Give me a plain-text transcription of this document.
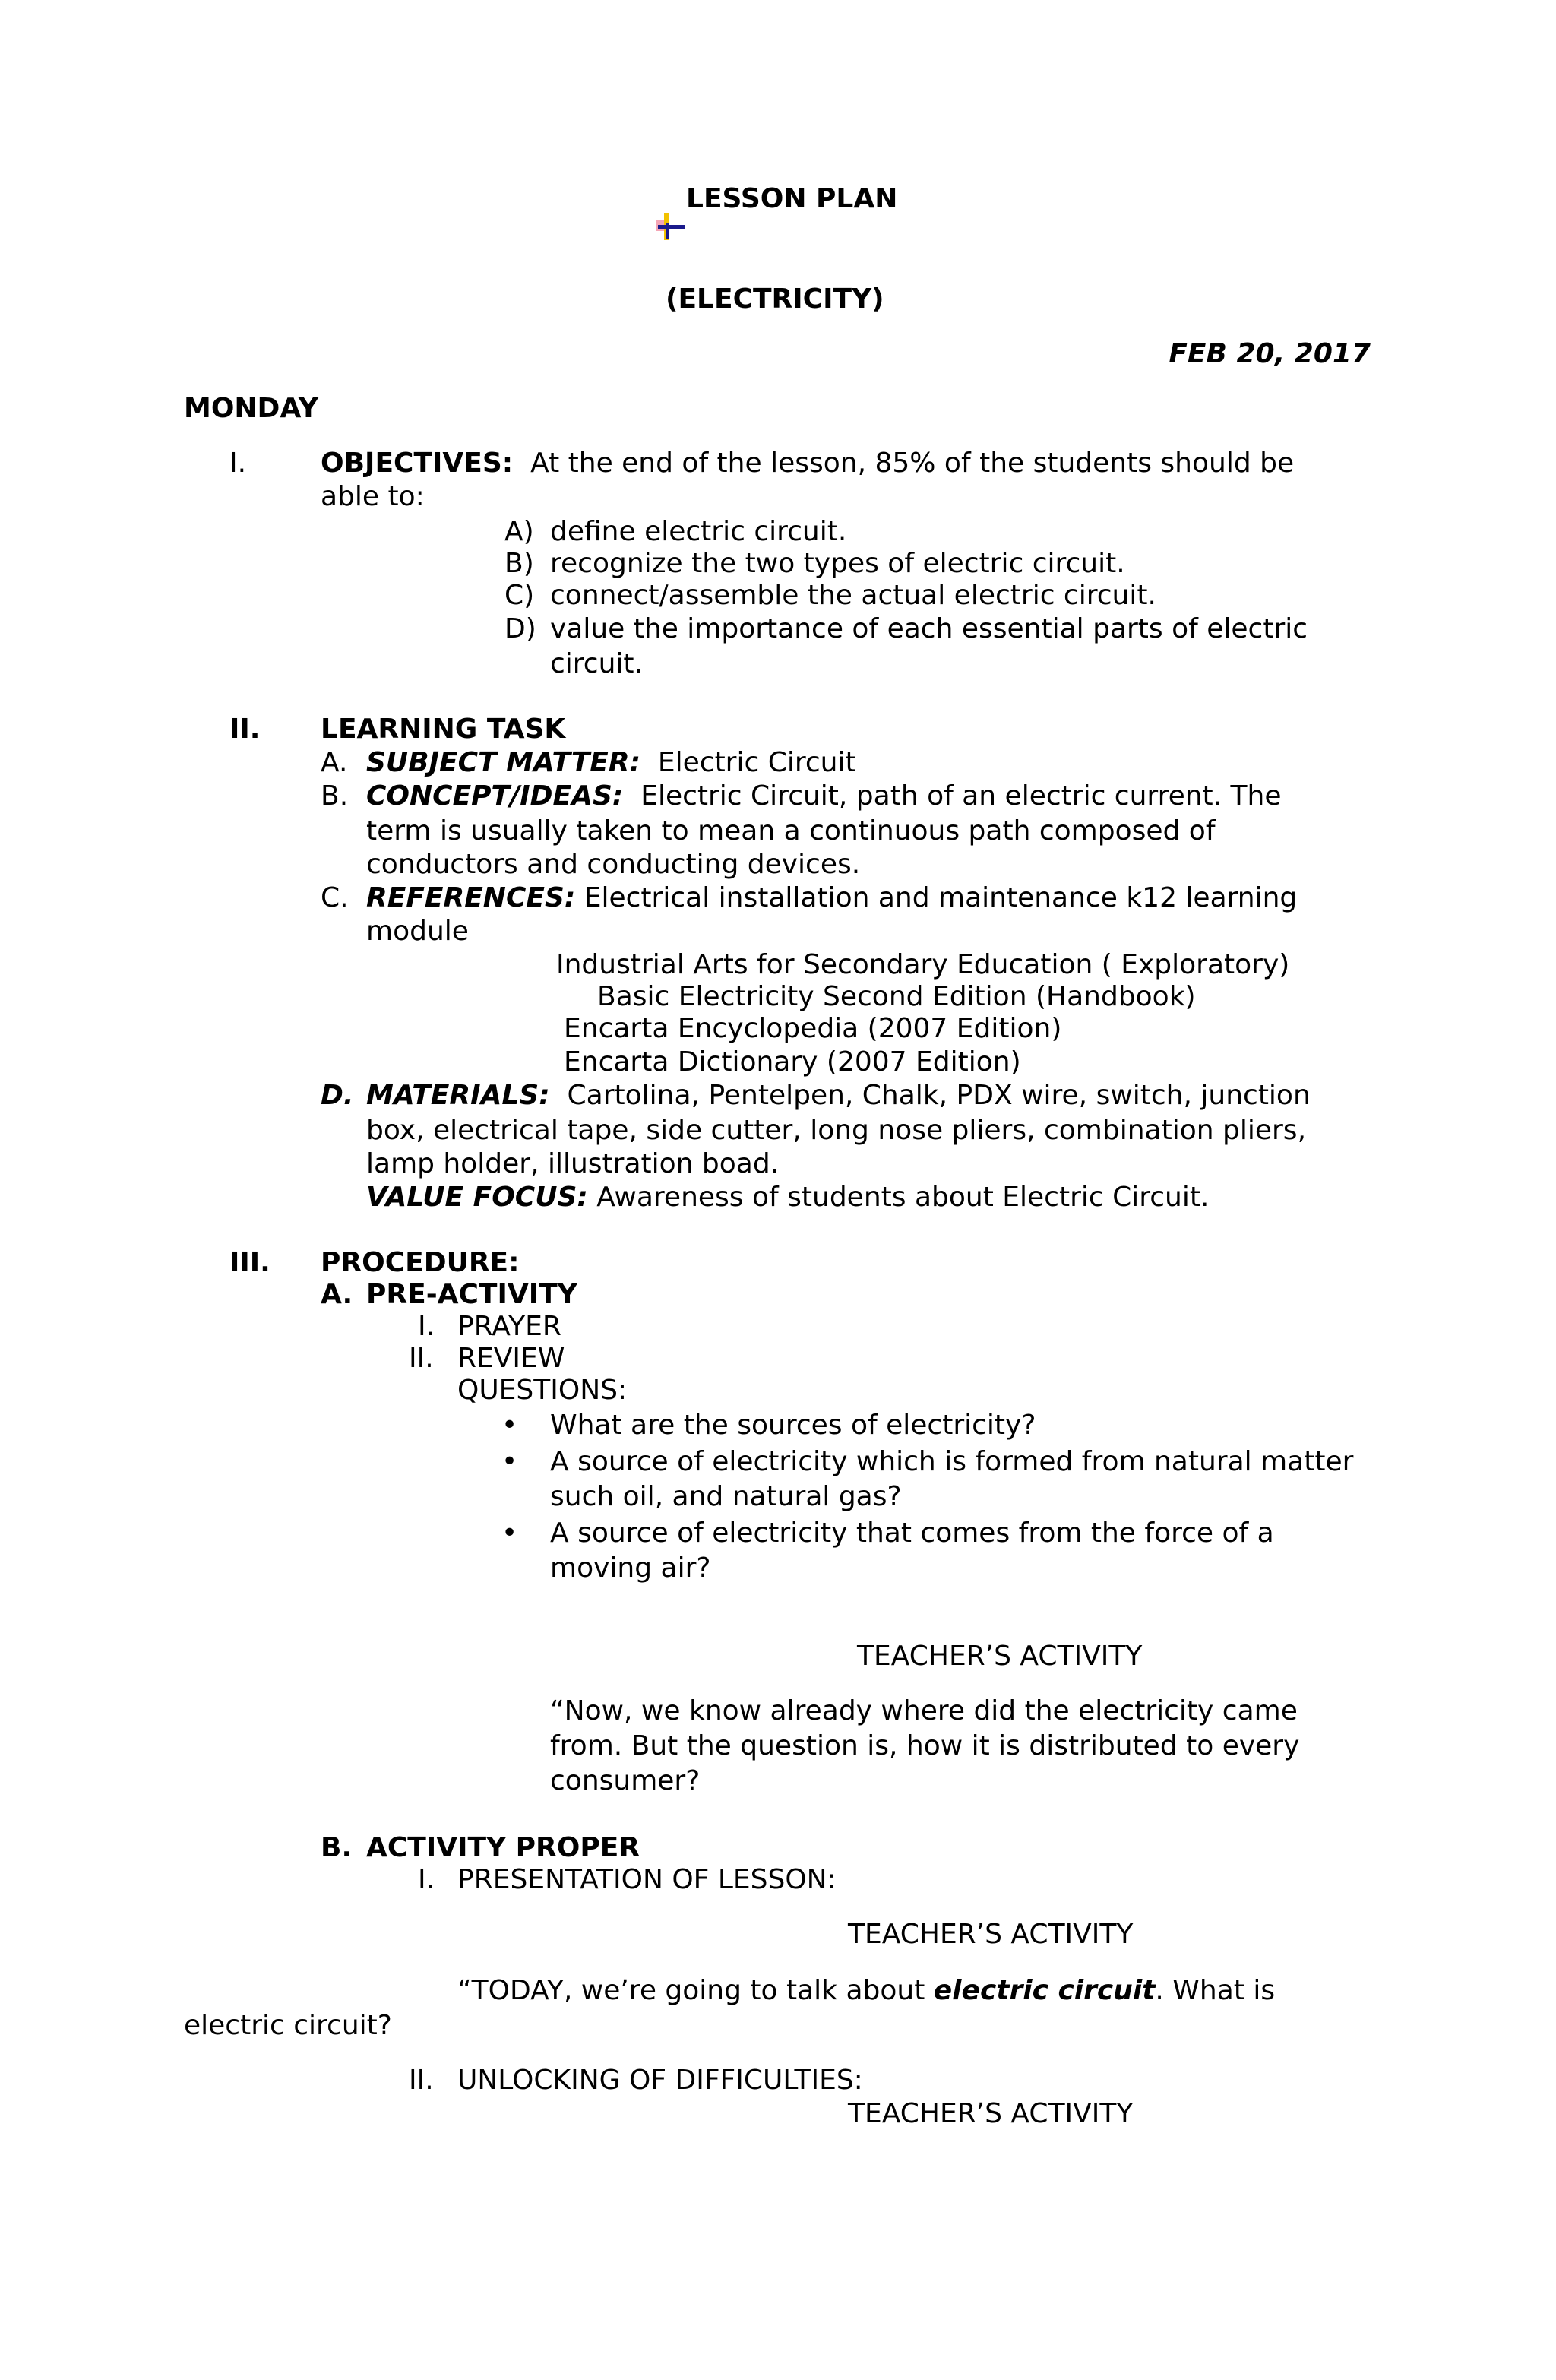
LESSON PLAN
(ELECTRICITY)
FEB 20, 2017
MONDAY
I.	OBJECTIVES: At the end of the lesson, 85% of the students should be
able to:
A) define electric circuit.
B) recognize the two types of electric circuit.
C) connect/assemble the actual electric circuit.
D) value the importance of each essential parts of electric
circuit.
II. LEARNING TASK
A. SUBJECT MATTER: Electric Circuit
B. CONCEPT/IDEAS: Electric Circuit, path of an electric current. The
term is usually taken to mean a continuous path composed of
conductors and conducting devices.
C. REFERENCES: Electrical installation and maintenance k12 learning
module
Industrial Arts for Secondary Education ( Exploratory)
Basic Electricity Second Edition (Handbook)
Encarta Encyclopedia (2007 Edition)
Encarta Dictionary (2007 Edition)
D. MATERIALS: Cartolina, Pentelpen, Chalk, PDX wire, switch, junction
box, electrical tape, side cutter, long nose pliers, combination pliers,
lamp holder, illustration boad.
VALUE FOCUS: Awareness of students about Electric Circuit.
III. PROCEDURE:
A. PRE-ACTIVITY
I. PRAYER
II. REVIEW
QUESTIONS:
• What are the sources of electricity?
• A source of electricity which is formed from natural matter
such oil, and natural gas?
• A source of electricity that comes from the force of a
moving air?
TEACHER’S ACTIVITY
“Now, we know already where did the electricity came
from. But the question is, how it is distributed to every
consumer?
B. ACTIVITY PROPER
I. PRESENTATION OF LESSON:
TEACHER’S ACTIVITY
“TODAY, we’re going to talk about electric circuit. What is
electric circuit?
II. UNLOCKING OF DIFFICULTIES:
TEACHER’S ACTIVITY
